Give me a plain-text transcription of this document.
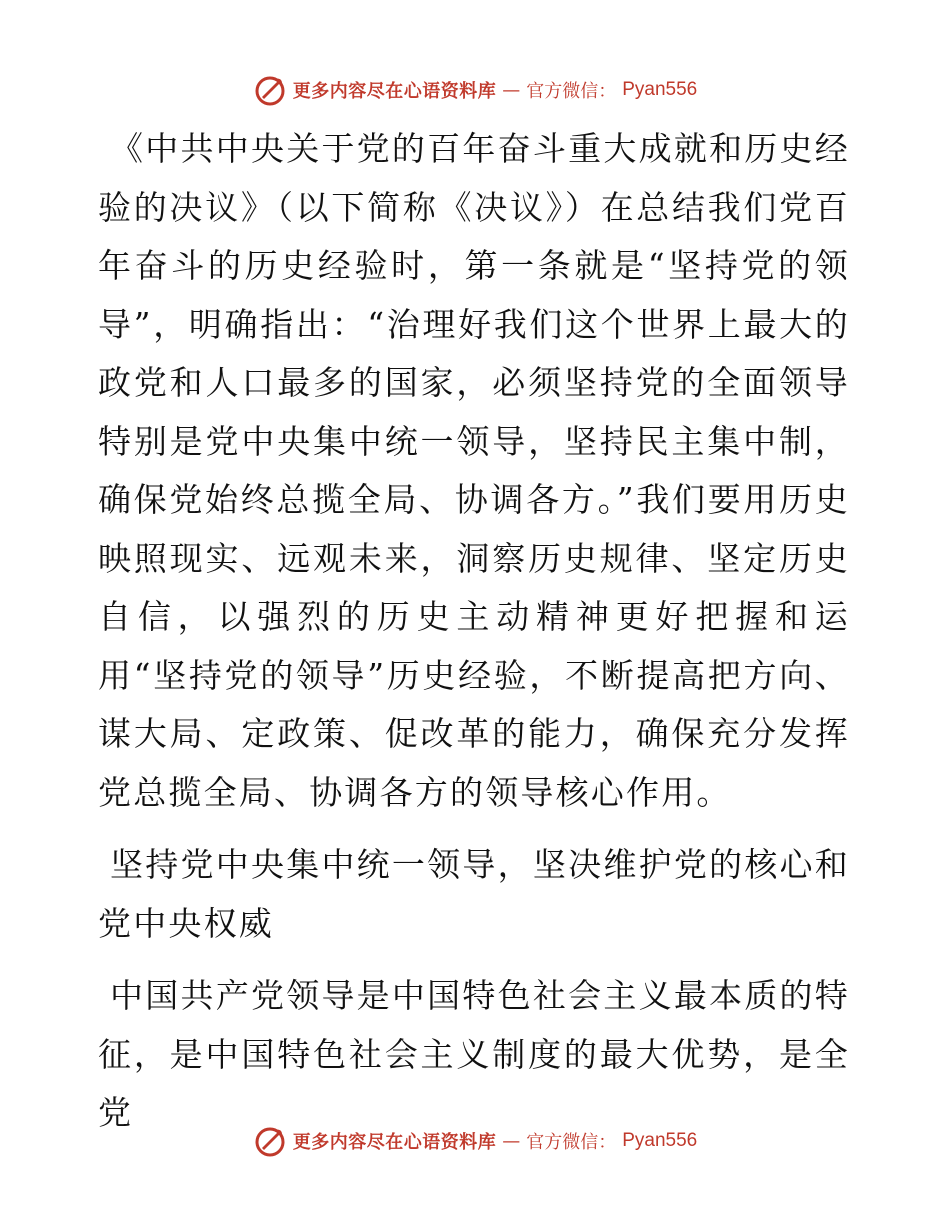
更多内容尽在心语资料库 — 官方微信： Pyan556

《中共中央关于党的百年奋斗重大成就和历史经验的决议》（以下简称《决议》）在总结我们党百年奋斗的历史经验时，第一条就是“坚持党的领导”，明确指出：“治理好我们这个世界上最大的政党和人口最多的国家，必须坚持党的全面领导特别是党中央集中统一领导，坚持民主集中制，确保党始终总揽全局、协调各方。”我们要用历史映照现实、远观未来，洞察历史规律、坚定历史自信，以强烈的历史主动精神更好把握和运用“坚持党的领导”历史经验，不断提高把方向、谋大局、定政策、促改革的能力，确保充分发挥党总揽全局、协调各方的领导核心作用。

坚持党中央集中统一领导，坚决维护党的核心和党中央权威

中国共产党领导是中国特色社会主义最本质的特征，是中国特色社会主义制度的最大优势，是全党

更多内容尽在心语资料库 — 官方微信： Pyan556
